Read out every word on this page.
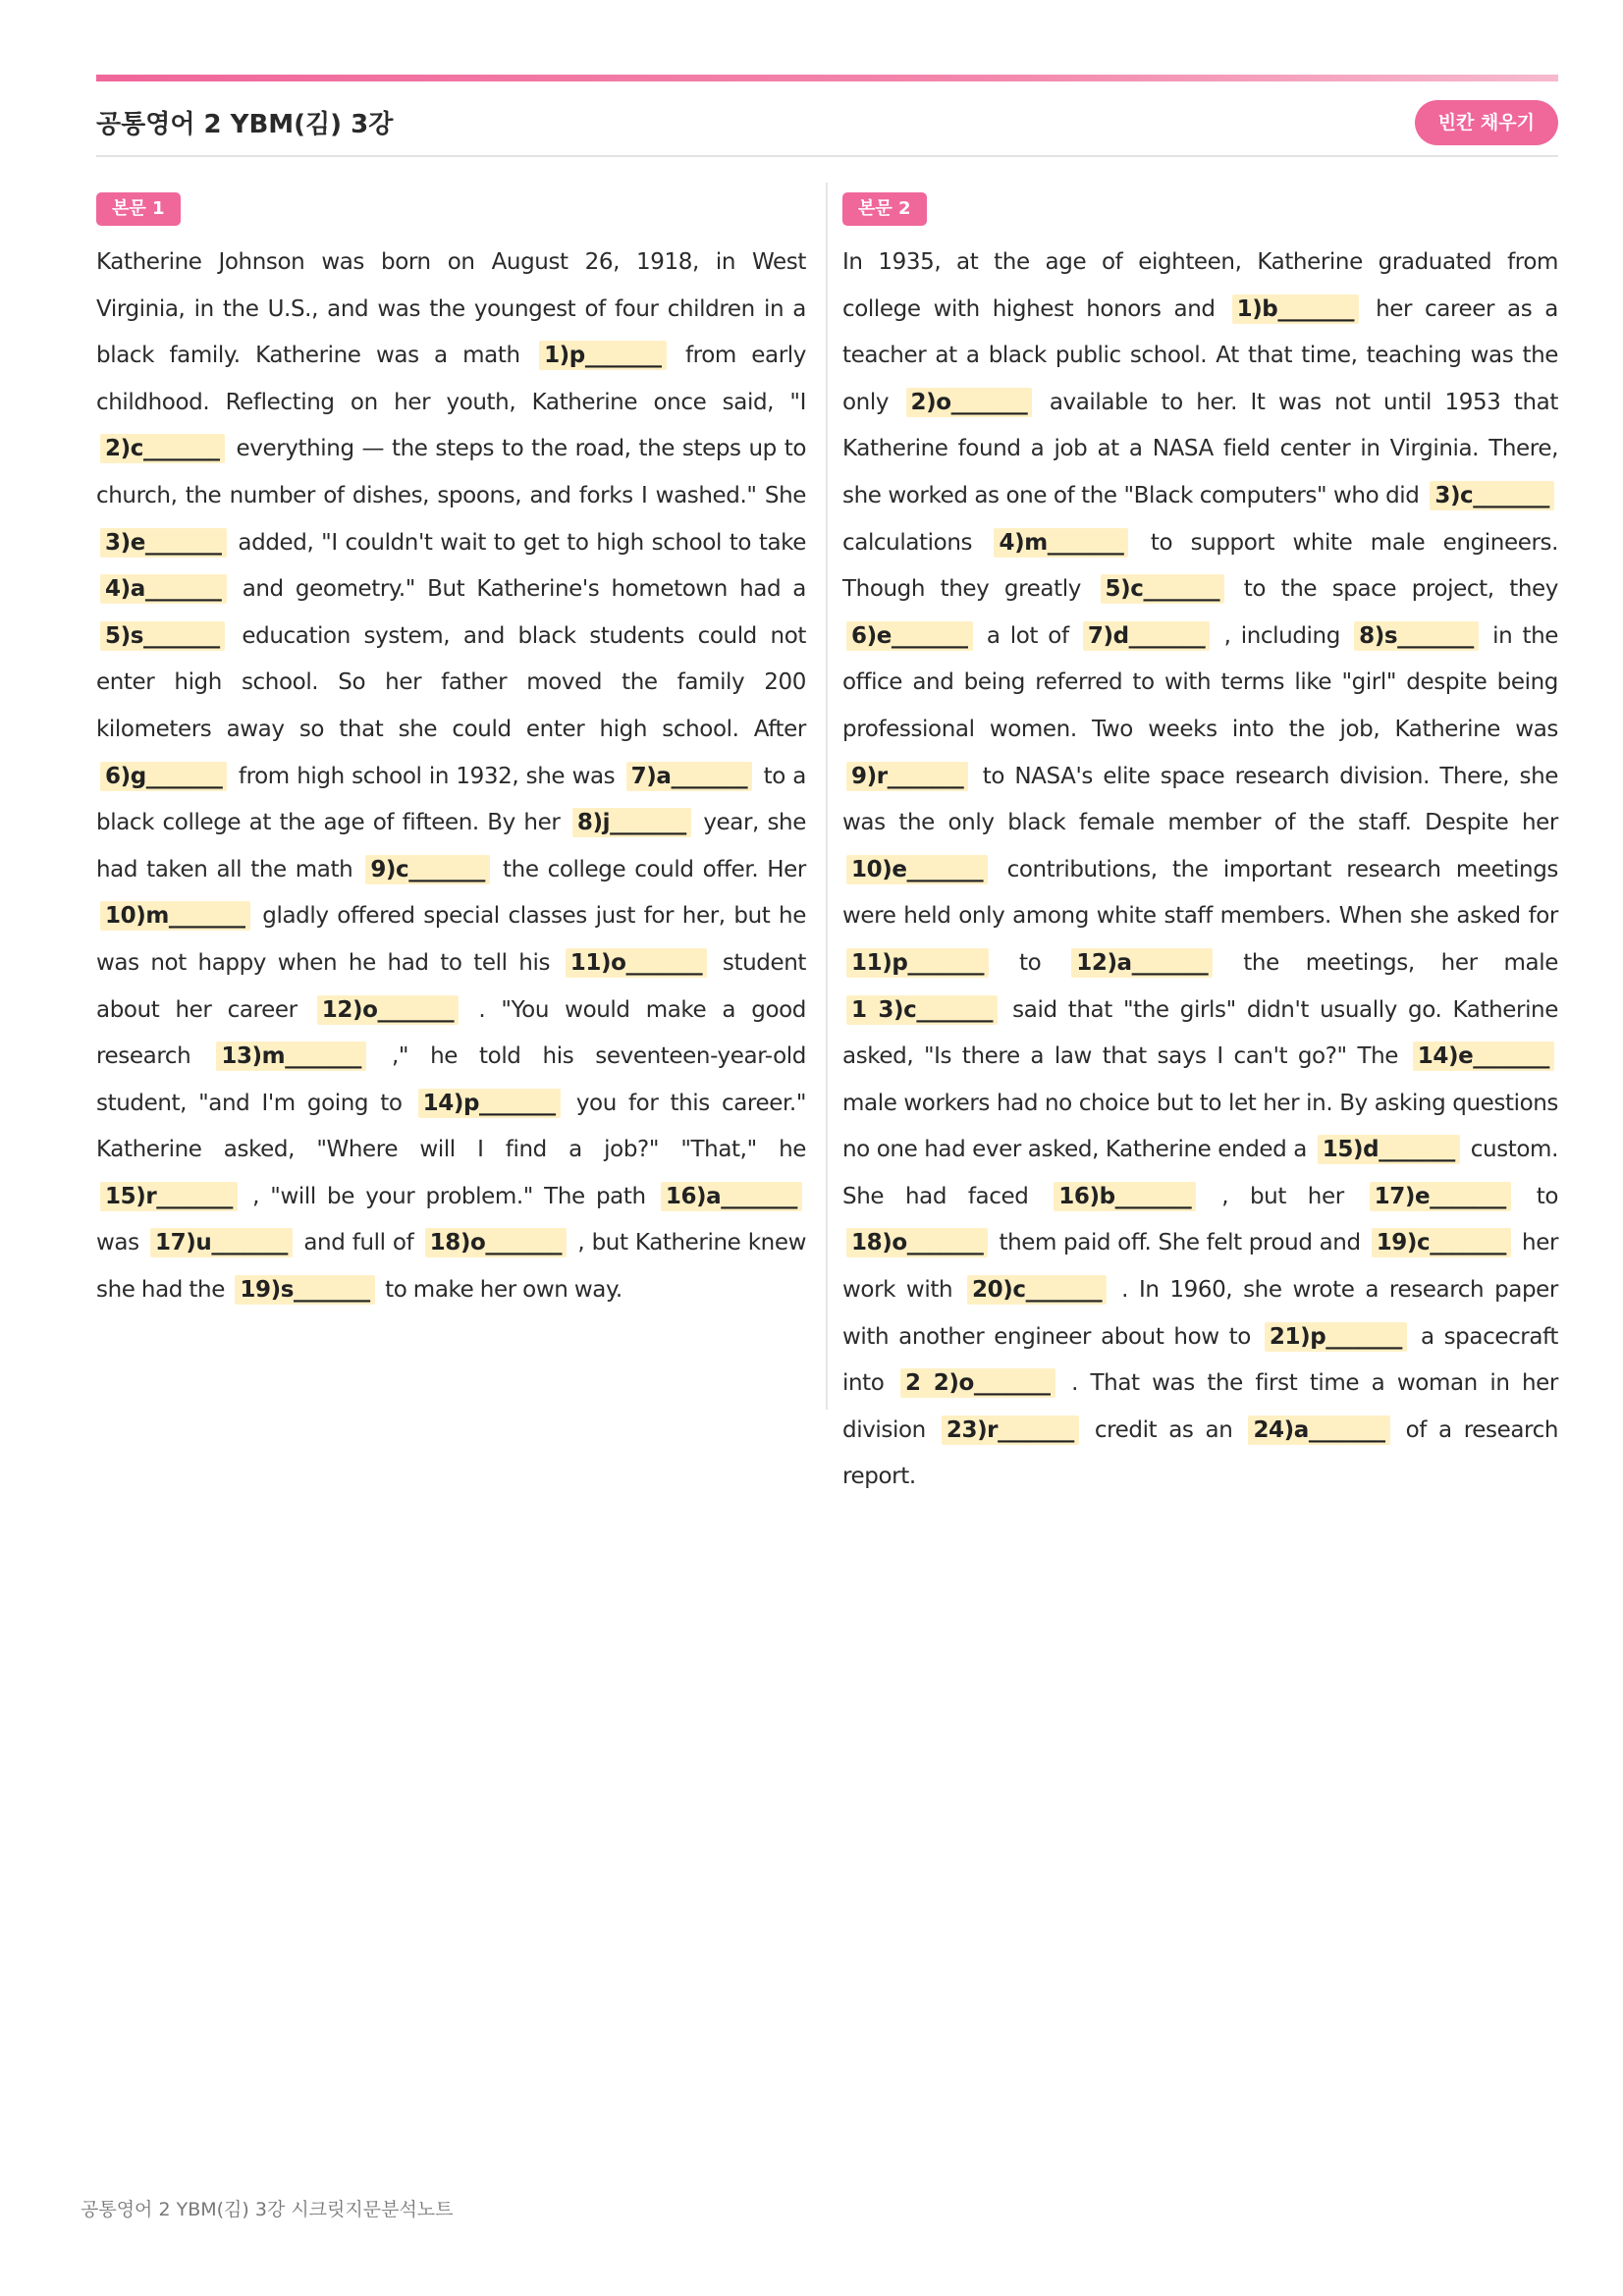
공통영어 2 YBM(김) 3강	빈칸 채우기
본문 1
Katherine Johnson was born on August 26, 1918, in West Virginia, in the U.S., and was the youngest of four children in a black family. Katherine was a math 1)p_______ from early childhood. Reflecting on her youth, Katherine once said, "I 2)c_______ everything — the steps to the road, the steps up to church, the number of dishes, spoons, and forks I washed." She 3)e_______ added, "I couldn't wait to get to high school to take 4)a_______ and geometry." But Katherine's hometown had a 5)s_______ education system, and black students could not enter high school. So her father moved the family 200 kilometers away so that she could enter high school. After 6)g_______ from high school in 1932, she was 7)a_______ to a black college at the age of fifteen. By her 8)j_______ year, she had taken all the math 9)c_______ the college could offer. Her 10)m_______ gladly offered special classes just for her, but he was not happy when he had to tell his 11)o_______ student about her career 12)o_______ . "You would make a good research 13)m_______ ," he told his seventeen-year-old student, "and I'm going to 14)p_______ you for this career." Katherine asked, "Where will I find a job?" "That," he 15)r_______ , "will be your problem." The path 16)a_______ was 17)u_______ and full of 18)o_______ , but Katherine knew she had the 19)s_______ to make her own way.
본문 2
In 1935, at the age of eighteen, Katherine graduated from college with highest honors and 1)b_______ her career as a teacher at a black public school. At that time, teaching was the only 2)o_______ available to her. It was not until 1953 that Katherine found a job at a NASA field center in Virginia. There, she worked as one of the "Black computers" who did 3)c_______ calculations 4)m_______ to support white male engineers. Though they greatly 5)c_______ to the space project, they 6)e_______ a lot of 7)d_______ , including 8)s_______ in the office and being referred to with terms like "girl" despite being professional women. Two weeks into the job, Katherine was 9)r_______ to NASA's elite space research division. There, she was the only black female member of the staff. Despite her 10)e_______ contributions, the important research meetings were held only among white staff members. When she asked for 11)p_______ to 12)a_______ the meetings, her male 1 3)c_______ said that "the girls" didn't usually go. Katherine asked, "Is there a law that says I can't go?" The 14)e_______ male workers had no choice but to let her in. By asking questions no one had ever asked, Katherine ended a 15)d_______ custom. She had faced 16)b_______ , but her 17)e_______ to 18)o_______ them paid off. She felt proud and 19)c_______ her work with 20)c_______ . In 1960, she wrote a research paper with another engineer about how to 21)p_______ a spacecraft into 2 2)o_______ . That was the first time a woman in her division 23)r_______ credit as an 24)a_______ of a research report.
공통영어 2 YBM(김) 3강 시크릿지문분석노트
